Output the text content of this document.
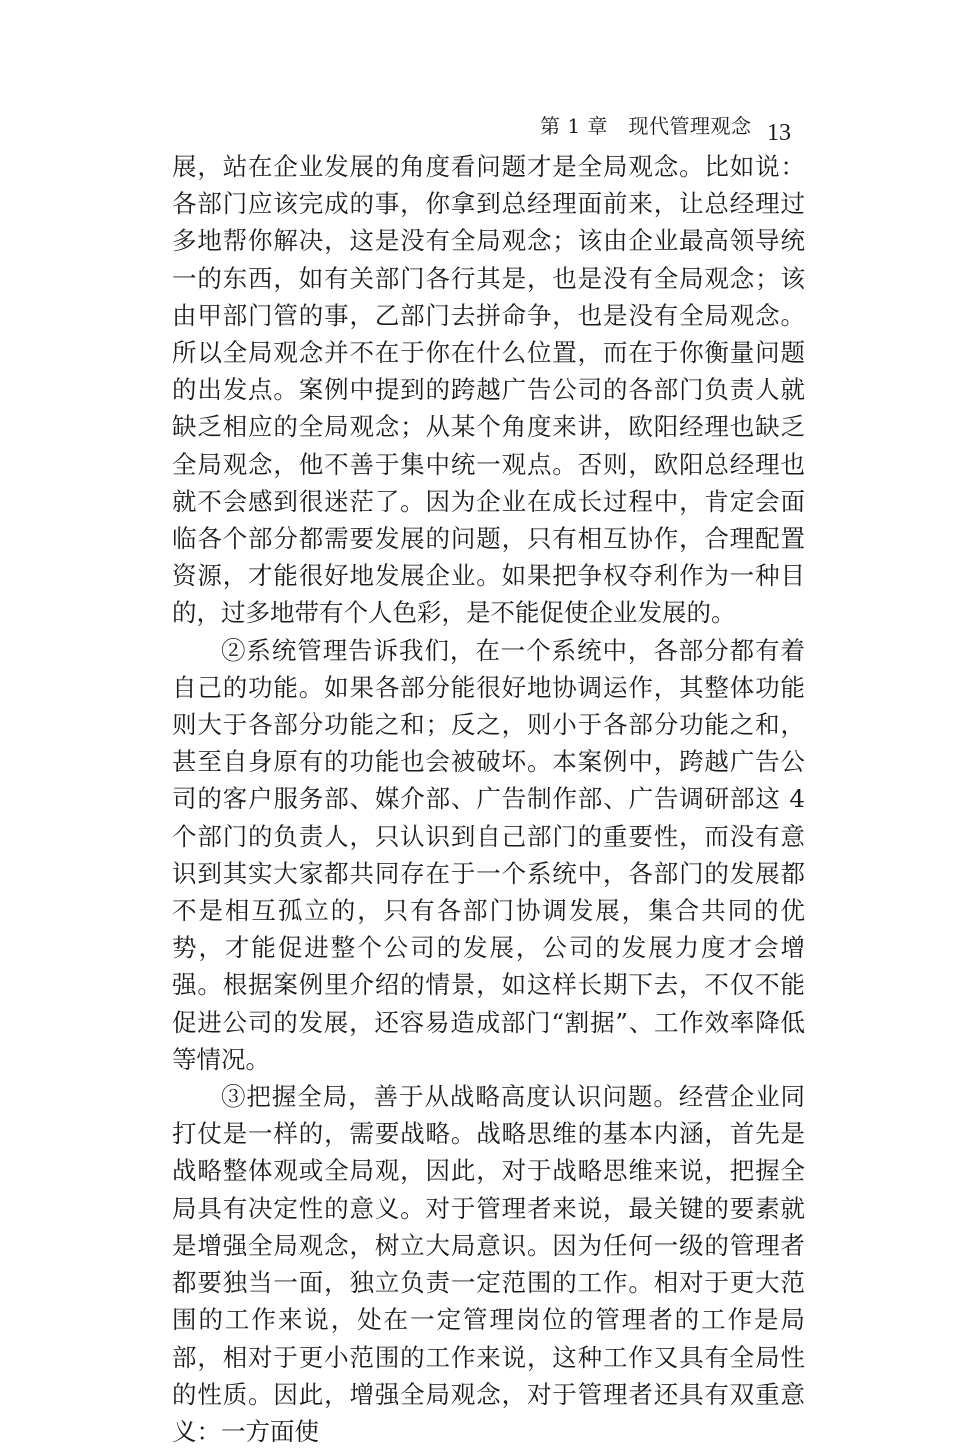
第 1 章　现代管理观念 13

展，站在企业发展的角度看问题才是全局观念。比如说：各部门应该完成的事，你拿到总经理面前来，让总经理过多地帮你解决，这是没有全局观念；该由企业最高领导统一的东西，如有关部门各行其是，也是没有全局观念；该由甲部门管的事，乙部门去拼命争，也是没有全局观念。所以全局观念并不在于你在什么位置，而在于你衡量问题的出发点。案例中提到的跨越广告公司的各部门负责人就缺乏相应的全局观念；从某个角度来讲，欧阳经理也缺乏全局观念，他不善于集中统一观点。否则，欧阳总经理也就不会感到很迷茫了。因为企业在成长过程中，肯定会面临各个部分都需要发展的问题，只有相互协作，合理配置资源，才能很好地发展企业。如果把争权夺利作为一种目的，过多地带有个人色彩，是不能促使企业发展的。

②系统管理告诉我们，在一个系统中，各部分都有着自己的功能。如果各部分能很好地协调运作，其整体功能则大于各部分功能之和；反之，则小于各部分功能之和，甚至自身原有的功能也会被破坏。本案例中，跨越广告公司的客户服务部、媒介部、广告制作部、广告调研部这 4 个部门的负责人，只认识到自己部门的重要性，而没有意识到其实大家都共同存在于一个系统中，各部门的发展都不是相互孤立的，只有各部门协调发展，集合共同的优势，才能促进整个公司的发展，公司的发展力度才会增强。根据案例里介绍的情景，如这样长期下去，不仅不能促进公司的发展，还容易造成部门“割据”、工作效率降低等情况。

③把握全局，善于从战略高度认识问题。经营企业同打仗是一样的，需要战略。战略思维的基本内涵，首先是战略整体观或全局观，因此，对于战略思维来说，把握全局具有决定性的意义。对于管理者来说，最关键的要素就是增强全局观念，树立大局意识。因为任何一级的管理者都要独当一面，独立负责一定范围的工作。相对于更大范围的工作来说，处在一定管理岗位的管理者的工作是局部，相对于更小范围的工作来说，这种工作又具有全局性的性质。因此，增强全局观念，对于管理者还具有双重意义：一方面使
